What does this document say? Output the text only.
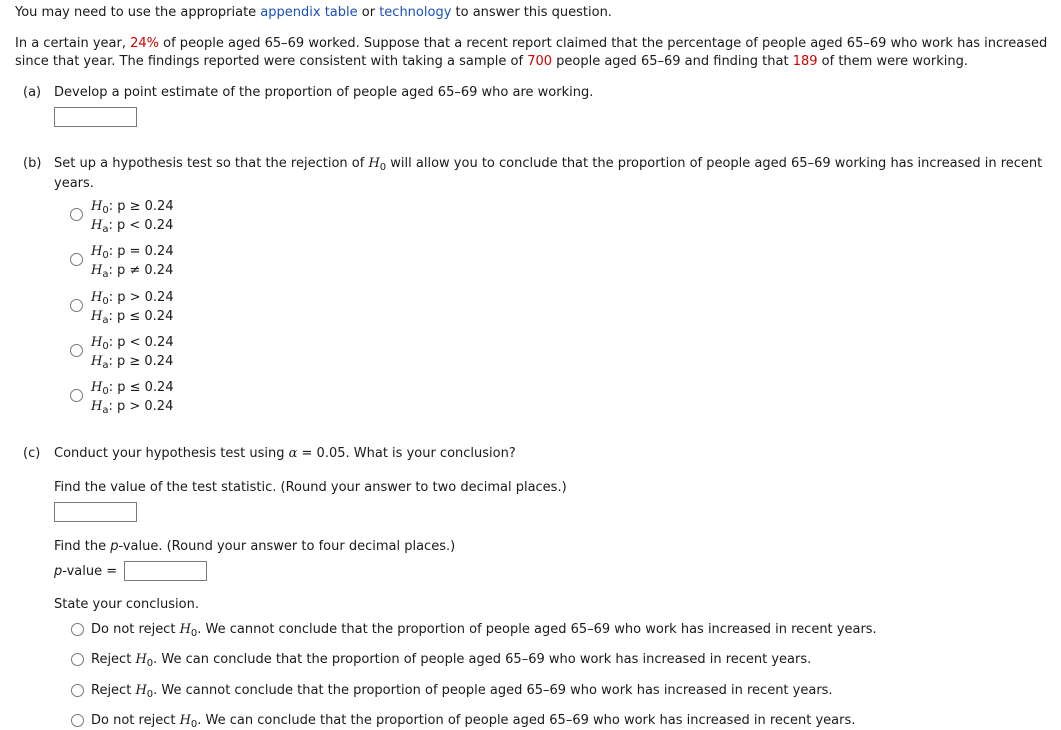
You may need to use the appropriate appendix table or technology to answer this question.
In a certain year, 24% of people aged 65–69 worked. Suppose that a recent report claimed that the percentage of people aged 65–69 who work has increased
since that year. The findings reported were consistent with taking a sample of 700 people aged 65–69 and finding that 189 of them were working.
(a) Develop a point estimate of the proportion of people aged 65–69 who are working.
(b) Set up a hypothesis test so that the rejection of $H_0$ will allow you to conclude that the proportion of people aged 65–69 working has increased in recent
years.
$H_0$: p ≥ 0.24
$H_a$: p < 0.24
$H_0$: p = 0.24
$H_a$: p ≠ 0.24
$H_0$: p > 0.24
$H_a$: p ≤ 0.24
$H_0$: p < 0.24
$H_a$: p ≥ 0.24
$H_0$: p ≤ 0.24
$H_a$: p > 0.24
(c) Conduct your hypothesis test using α = 0.05. What is your conclusion?
Find the value of the test statistic. (Round your answer to two decimal places.)
Find the p-value. (Round your answer to four decimal places.)
p-value =
State your conclusion.
Do not reject $H_0$. We cannot conclude that the proportion of people aged 65–69 who work has increased in recent years.
Reject $H_0$. We can conclude that the proportion of people aged 65–69 who work has increased in recent years.
Reject $H_0$. We cannot conclude that the proportion of people aged 65–69 who work has increased in recent years.
Do not reject $H_0$. We can conclude that the proportion of people aged 65–69 who work has increased in recent years.
